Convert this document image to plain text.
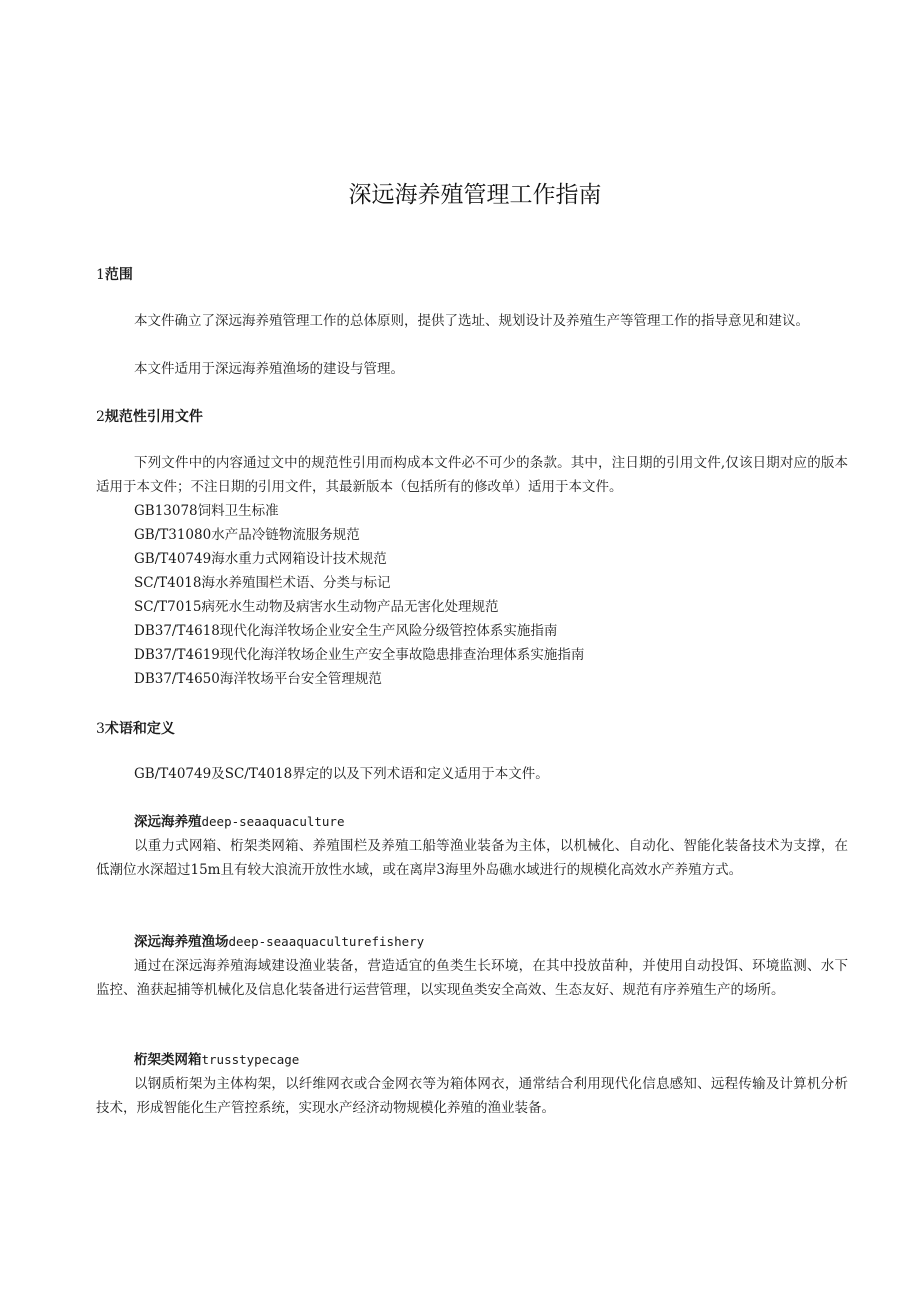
深远海养殖管理工作指南
1范围
本文件确立了深远海养殖管理工作的总体原则，提供了选址、规划设计及养殖生产等管理工作的指导意见和建议。
本文件适用于深远海养殖渔场的建设与管理。
2规范性引用文件
下列文件中的内容通过文中的规范性引用而构成本文件必不可少的条款。其中，注日期的引用文件,仅该日期对应的版本适用于本文件；不注日期的引用文件，其最新版本（包括所有的修改单）适用于本文件。
GB13078饲料卫生标准
GB/T31080水产品冷链物流服务规范
GB/T40749海水重力式网箱设计技术规范
SC/T4018海水养殖围栏术语、分类与标记
SC/T7015病死水生动物及病害水生动物产品无害化处理规范
DB37/T4618现代化海洋牧场企业安全生产风险分级管控体系实施指南
DB37/T4619现代化海洋牧场企业生产安全事故隐患排查治理体系实施指南
DB37/T4650海洋牧场平台安全管理规范
3术语和定义
GB/T40749及SC/T4018界定的以及下列术语和定义适用于本文件。
深远海养殖deep-seaaquaculture
以重力式网箱、桁架类网箱、养殖围栏及养殖工船等渔业装备为主体，以机械化、自动化、智能化装备技术为支撑，在低潮位水深超过15m且有较大浪流开放性水域，或在离岸3海里外岛礁水域进行的规模化高效水产养殖方式。
深远海养殖渔场deep-seaaquaculturefishery
通过在深远海养殖海域建设渔业装备，营造适宜的鱼类生长环境，在其中投放苗种，并使用自动投饵、环境监测、水下监控、渔获起捕等机械化及信息化装备进行运营管理，以实现鱼类安全高效、生态友好、规范有序养殖生产的场所。
桁架类网箱trusstypecage
以钢质桁架为主体构架，以纤维网衣或合金网衣等为箱体网衣，通常结合利用现代化信息感知、远程传输及计算机分析技术，形成智能化生产管控系统，实现水产经济动物规模化养殖的渔业装备。
